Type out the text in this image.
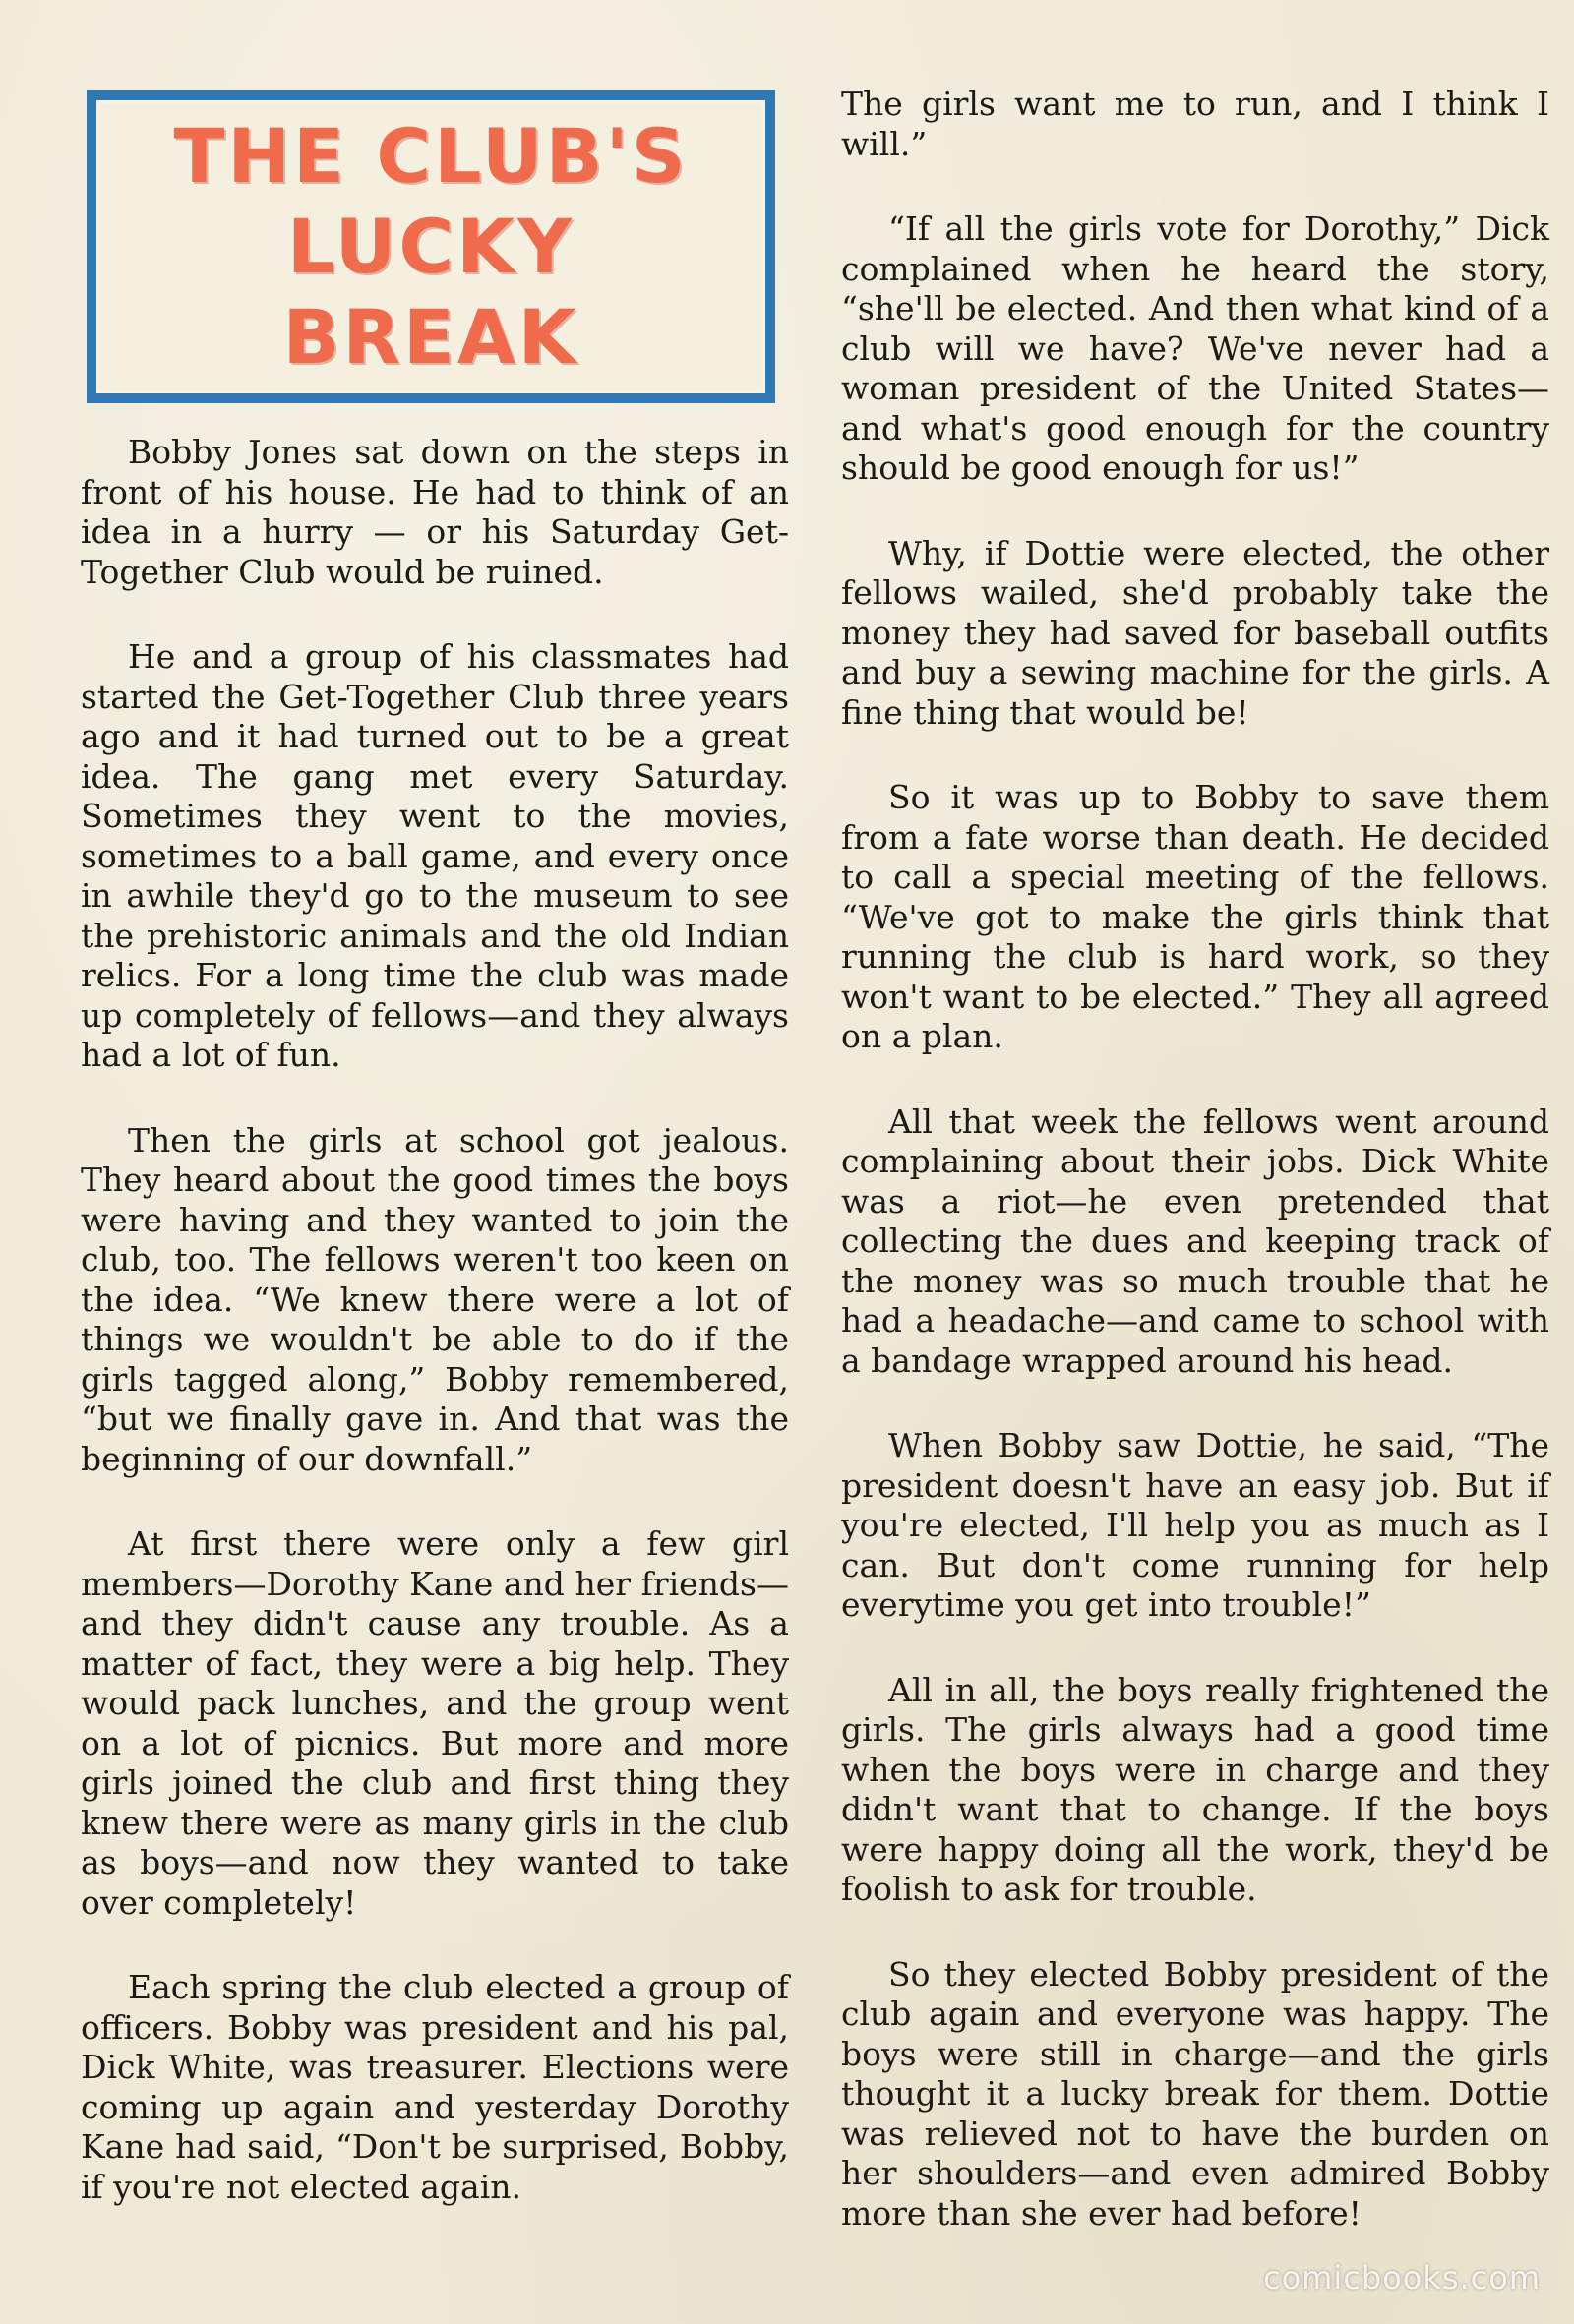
THE CLUB'S
LUCKY
BREAK

Bobby Jones sat down on the steps in front of his house. He had to think of an idea in a hurry — or his Saturday Get-Together Club would be ruined.

He and a group of his classmates had started the Get-Together Club three years ago and it had turned out to be a great idea. The gang met every Saturday. Sometimes they went to the movies, sometimes to a ball game, and every once in awhile they'd go to the museum to see the prehistoric animals and the old Indian relics. For a long time the club was made up completely of fellows—and they always had a lot of fun.

Then the girls at school got jealous. They heard about the good times the boys were having and they wanted to join the club, too. The fellows weren't too keen on the idea. “We knew there were a lot of things we wouldn't be able to do if the girls tagged along,” Bobby remembered, “but we finally gave in. And that was the beginning of our downfall.”

At first there were only a few girl members—Dorothy Kane and her friends—and they didn't cause any trouble. As a matter of fact, they were a big help. They would pack lunches, and the group went on a lot of picnics. But more and more girls joined the club and first thing they knew there were as many girls in the club as boys—and now they wanted to take over completely!

Each spring the club elected a group of officers. Bobby was president and his pal, Dick White, was treasurer. Elections were coming up again and yesterday Dorothy Kane had said, “Don't be surprised, Bobby, if you're not elected again.

The girls want me to run, and I think I will.”

“If all the girls vote for Dorothy,” Dick complained when he heard the story, “she'll be elected. And then what kind of a club will we have? We've never had a woman president of the United States—and what's good enough for the country should be good enough for us!”

Why, if Dottie were elected, the other fellows wailed, she'd probably take the money they had saved for baseball outfits and buy a sewing machine for the girls. A fine thing that would be!

So it was up to Bobby to save them from a fate worse than death. He decided to call a special meeting of the fellows. “We've got to make the girls think that running the club is hard work, so they won't want to be elected.” They all agreed on a plan.

All that week the fellows went around complaining about their jobs. Dick White was a riot—he even pretended that collecting the dues and keeping track of the money was so much trouble that he had a headache—and came to school with a bandage wrapped around his head.

When Bobby saw Dottie, he said, “The president doesn't have an easy job. But if you're elected, I'll help you as much as I can. But don't come running for help everytime you get into trouble!”

All in all, the boys really frightened the girls. The girls always had a good time when the boys were in charge and they didn't want that to change. If the boys were happy doing all the work, they'd be foolish to ask for trouble.

So they elected Bobby president of the club again and everyone was happy. The boys were still in charge—and the girls thought it a lucky break for them. Dottie was relieved not to have the burden on her shoulders—and even admired Bobby more than she ever had before!

comicbooks.com
